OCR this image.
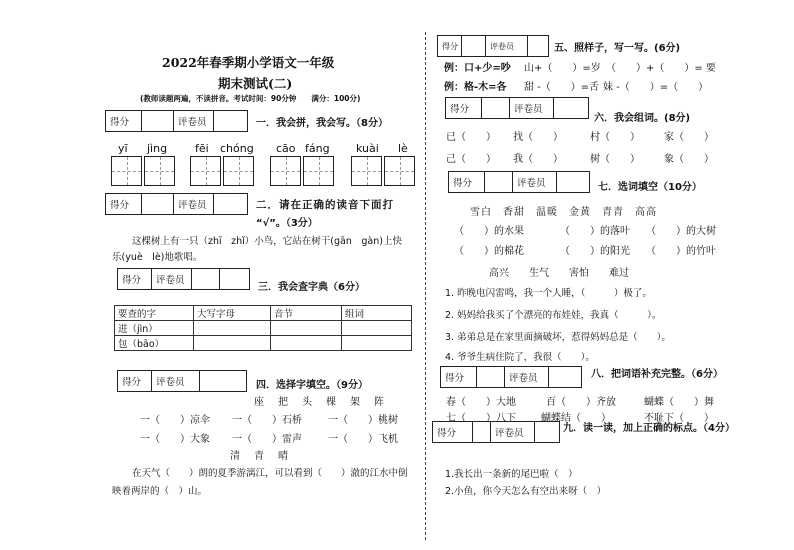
2022年春季期小学语文一年级
期末测试(二)
(教师读题两遍，不读拼音。考试时间：90分钟　　满分：100分)
得分	评卷员	一．我会拼，我会写。（8分）
yī jìng	fēi chóng cāo fáng kuài lè
得分	评卷员	二．请在正确的读音下面打
“√”。（3分）
这棵树上有一只（zhī　zhǐ）小鸟，它站在树干(gān　gàn)上快
乐(yuè　lè)地歌唱。
得分	评卷员
三．我会查字典（6分）
要查的字	大写字母	音节	组词
进（jìn）			
包（bāo）			
得分	评卷员	四．选择字填空。（9分）
座　把　头　棵　架　阵
一（　　）凉伞 一（　　）石桥	一（　　）桃树
一（　　）大象 一（　　）雷声	一（　　）飞机
清　青　晴
在天气（　　）朗的夏季游漓江，可以看到（　　）澈的江水中倒
映着两岸的（　）山。
得分	评卷员	五、照样子，写一写。(6分)
例：口+少=吵 山+（　　）=岁 （　　）+（　　）= 要
例：格-木=各 甜 -（　　）=舌 妹 -（　　）=（　　）
得分	评卷员
六．我会组词。(8分)
已（　　） 找（　　）	村（　　） 家（　　）
己（　　） 我（　　）	树（　　） 象（　　）
得分	评卷员	七．选词填空（10分）
雪白　香甜　温暖　金黄　青青　高高
（　　）的水果	（　　）的落叶 （　　）的大树
（　　）的棉花	（　　）的阳光 （　　）的竹叶
高兴　　生气　　害怕　　难过
1. 昨晚电闪雷鸣，我一个人睡，（　　　）极了。
2. 妈妈给我买了个漂亮的布娃娃，我真（　　　）。
3. 弟弟总是在家里面摘破坏，惹得妈妈总是（　　）。
4. 爷爷生病住院了，我很（　　）。
得分	评卷员	八．把词语补充完整。（6分）
春（　　）大地	百（　　）齐放	蝴蝶（　　）舞
七（　　）八下	蝴蝶结（　　）	不耻下（　　）
得分	评卷员	九．读一读，加上正确的标点。（4分）
1.我长出一条新的尾巴啦（　）
2.小鱼，你今天怎么有空出来呀（　）
